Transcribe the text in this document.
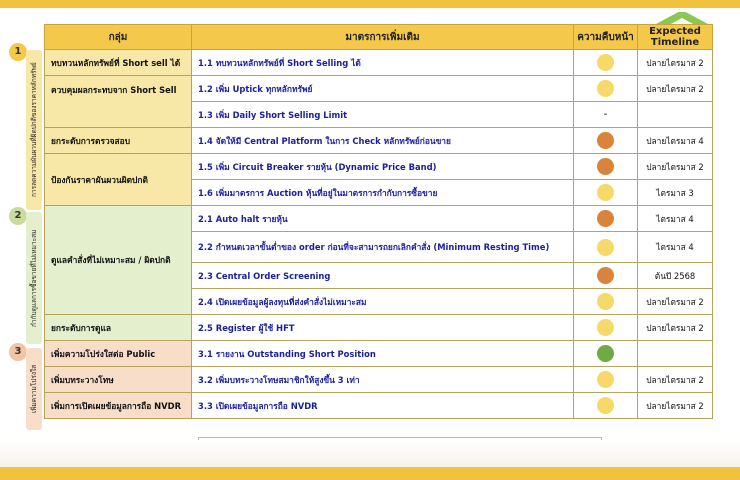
1
2
3
การลดความผันผวนที่ผิดปกติของราคาหลักทรัพย์
กำกับดูแลการซื้อขายที่ไม่เหมาะสม
เพิ่มความโปร่งใส
กลุ่ม	มาตรการเพิ่มเติม	ความคืบหน้า	Expected Timeline
ทบทวนหลักทรัพย์ที่ Short sell ได้	1.1 ทบทวนหลักทรัพย์ที่ Short Selling ได้		ปลายไตรมาส 2
ควบคุมผลกระทบจาก Short Sell	1.2 เพิ่ม Uptick ทุกหลักทรัพย์		ปลายไตรมาส 2
	1.3 เพิ่ม Daily Short Selling Limit	-	
ยกระดับการตรวจสอบ	1.4 จัดให้มี Central Platform ในการ Check หลักทรัพย์ก่อนขาย		ปลายไตรมาส 4
ป้องกันราคาผันผวนผิดปกติ	1.5 เพิ่ม Circuit Breaker รายหุ้น (Dynamic Price Band)		ปลายไตรมาส 2
	1.6 เพิ่มมาตรการ Auction หุ้นที่อยู่ในมาตรการกำกับการซื้อขาย		ไตรมาส 3
ดูแลคำสั่งที่ไม่เหมาะสม / ผิดปกติ	2.1 Auto halt รายหุ้น		ไตรมาส 4
	2.2 กำหนดเวลาขั้นต่ำของ order ก่อนที่จะสามารถยกเลิกคำสั่ง (Minimum Resting Time)		ไตรมาส 4
	2.3 Central Order Screening		ต้นปี 2568
	2.4 เปิดเผยข้อมูลผู้ลงทุนที่ส่งคำสั่งไม่เหมาะสม		ปลายไตรมาส 2
ยกระดับการดูแล	2.5 Register ผู้ใช้ HFT		ปลายไตรมาส 2
เพิ่มความโปร่งใสต่อ Public	3.1 รายงาน Outstanding Short Position		
เพิ่มบทระวางโทษ	3.2 เพิ่มบทระวางโทษสมาชิกให้สูงขึ้น 3 เท่า		ปลายไตรมาส 2
เพิ่มการเปิดเผยข้อมูลการถือ NVDR	3.3 เปิดเผยข้อมูลการถือ NVDR		ปลายไตรมาส 2
